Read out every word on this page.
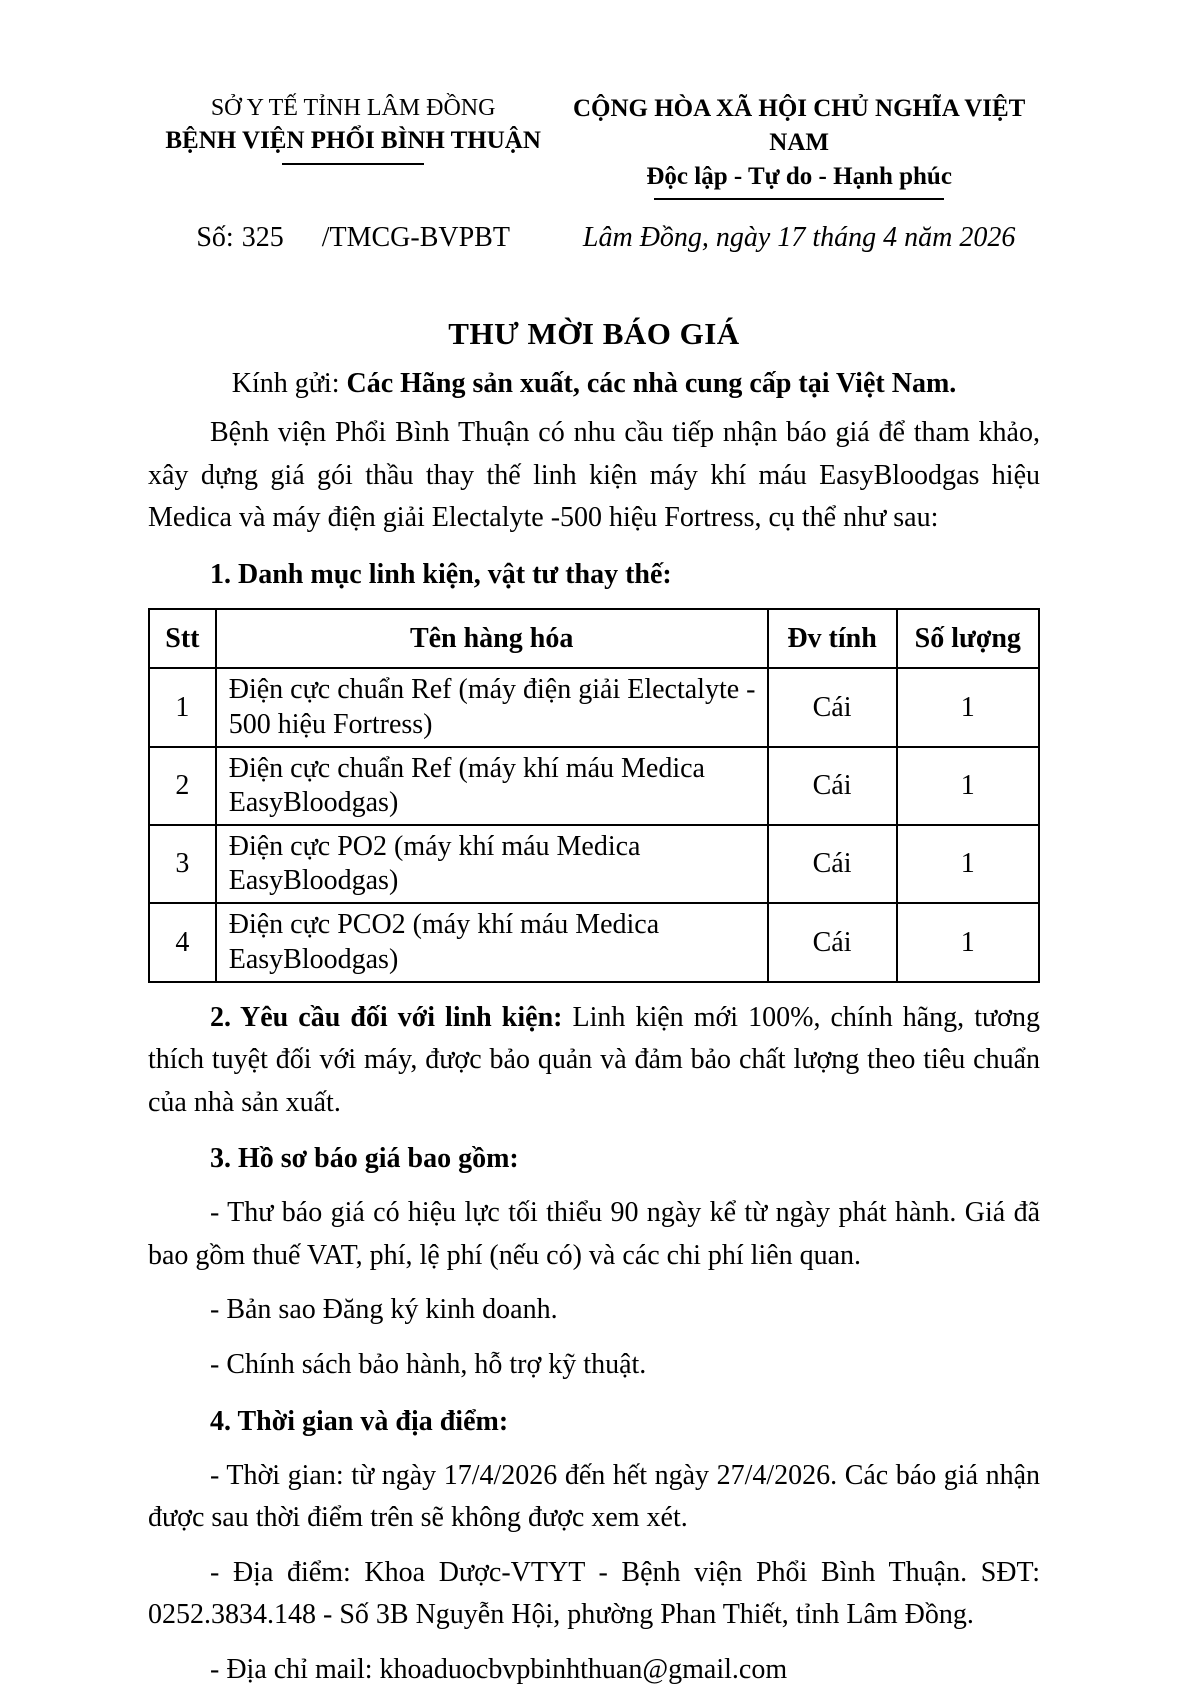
SỞ Y TẾ TỈNH LÂM ĐỒNG
BỆNH VIỆN PHỔI BÌNH THUẬN
CỘNG HÒA XÃ HỘI CHỦ NGHĨA VIỆT NAM
Độc lập - Tự do - Hạnh phúc
Số: 325 /TMCG-BVPBT	Lâm Đồng, ngày 17 tháng 4 năm 2026
THƯ MỜI BÁO GIÁ
Kính gửi: Các Hãng sản xuất, các nhà cung cấp tại Việt Nam.

Bệnh viện Phổi Bình Thuận có nhu cầu tiếp nhận báo giá để tham khảo, xây dựng giá gói thầu thay thế linh kiện máy khí máu EasyBloodgas hiệu Medica và máy điện giải Electalyte -500 hiệu Fortress, cụ thể như sau:

1. Danh mục linh kiện, vật tư thay thế:

Stt	Tên hàng hóa	Đv tính	Số lượng
1	Điện cực chuẩn Ref (máy điện giải Electalyte - 500 hiệu Fortress)	Cái	1
2	Điện cực chuẩn Ref (máy khí máu Medica EasyBloodgas)	Cái	1
3	Điện cực PO2 (máy khí máu Medica EasyBloodgas)	Cái	1
4	Điện cực PCO2 (máy khí máu Medica EasyBloodgas)	Cái	1

2. Yêu cầu đối với linh kiện: Linh kiện mới 100%, chính hãng, tương thích tuyệt đối với máy, được bảo quản và đảm bảo chất lượng theo tiêu chuẩn của nhà sản xuất.

3. Hồ sơ báo giá bao gồm:

- Thư báo giá có hiệu lực tối thiểu 90 ngày kể từ ngày phát hành. Giá đã bao gồm thuế VAT, phí, lệ phí (nếu có) và các chi phí liên quan.

- Bản sao Đăng ký kinh doanh.

- Chính sách bảo hành, hỗ trợ kỹ thuật.

4. Thời gian và địa điểm:

- Thời gian: từ ngày 17/4/2026 đến hết ngày 27/4/2026. Các báo giá nhận được sau thời điểm trên sẽ không được xem xét.

- Địa điểm: Khoa Dược-VTYT - Bệnh viện Phổi Bình Thuận. SĐT: 0252.3834.148 - Số 3B Nguyễn Hội, phường Phan Thiết, tỉnh Lâm Đồng.

- Địa chỉ mail: khoaduocbvpbinhthuan@gmail.com
